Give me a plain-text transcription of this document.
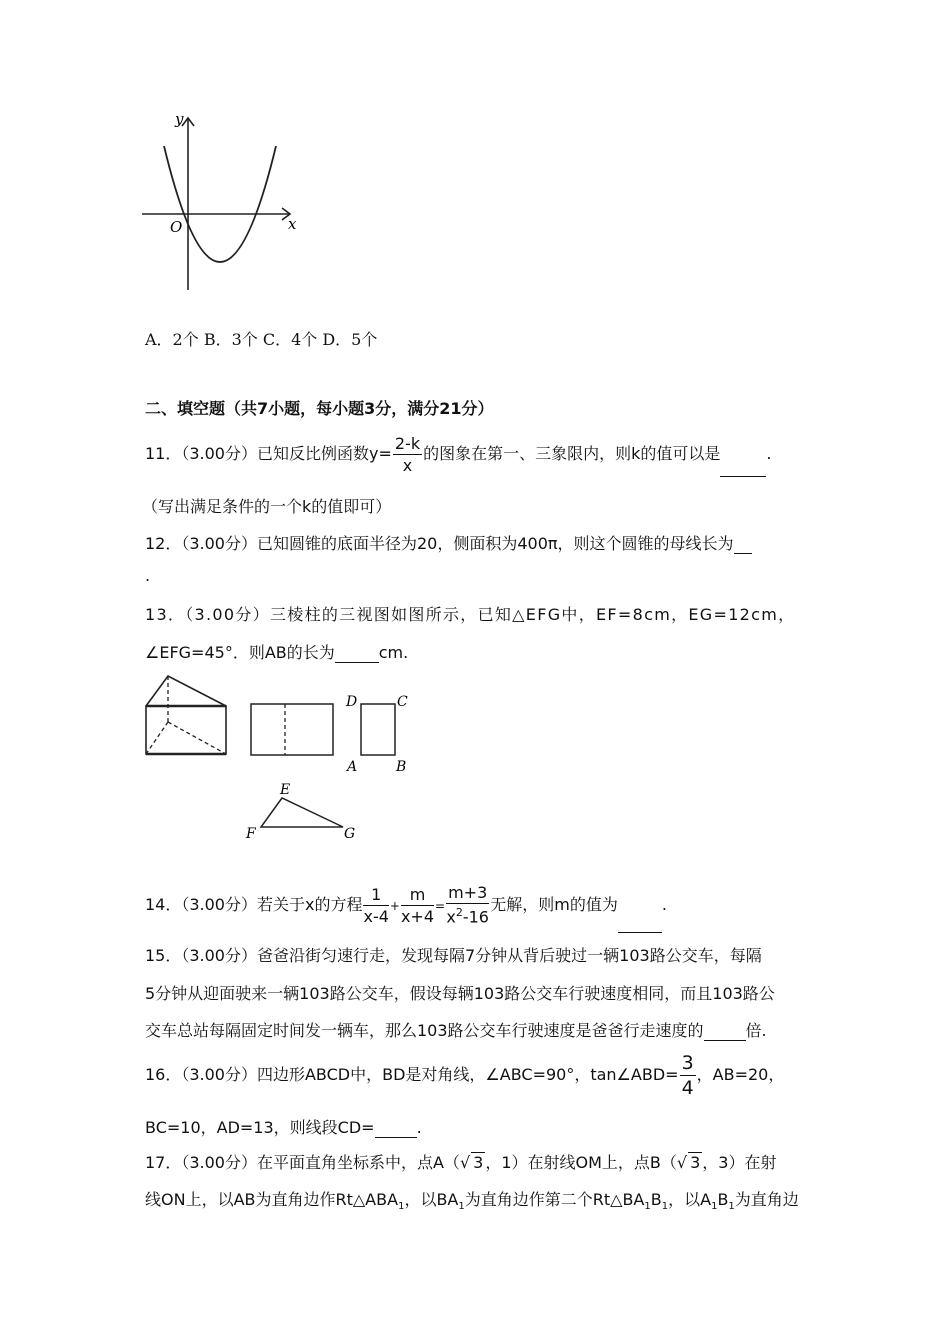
y
x
O
A．2个 B．3个 C．4个 D．5个
二、填空题（共7小题，每小题3分，满分21分）
11．（3.00分）已知反比例函数$y= \frac{2-k}{x}$ 的图象在第一、三象限内，则k的值可以是	.
（写出满足条件的一个k的值即可）
12．（3.00分）已知圆锥的底面半径为20，侧面积为400π，则这个圆锥的母线长为
.
13．（3.00分）三棱柱的三视图如图所示，已知△EFG中，EF=8cm，EG=12cm，
∠EFG=45°．则AB的长为	cm.
D	C
A	B
E
F	G
14．（3.00分）若关于x的方程 $\frac{1}{x-4} + \frac{m}{x+4} = \frac{m+3}{x^2-16}$ 无解，则m的值为	.
15．（3.00分）爸爸沿街匀速行走，发现每隔7分钟从背后驶过一辆103路公交车，每隔
5分钟从迎面驶来一辆103路公交车，假设每辆103路公交车行驶速度相同，而且103路公
交车总站每隔固定时间发一辆车，那么103路公交车行驶速度是爸爸行走速度的	倍.
16．（3.00分）四边形ABCD中，BD是对角线，∠ABC=90°，tan∠ABD= $\frac{3}{4}$ ，AB=20，
BC=10，AD=13，则线段CD=	.
17．（3.00分）在平面直角坐标系中，点A（√ 3 ，1）在射线OM上，点B（√ 3 ，3）在射
线ON上，以AB为直角边作$Rt\triangle ABA_1$，以$BA_1$为直角边作第二个$Rt\triangle BA_1B_1$，以$A_1B_1$为直角边
